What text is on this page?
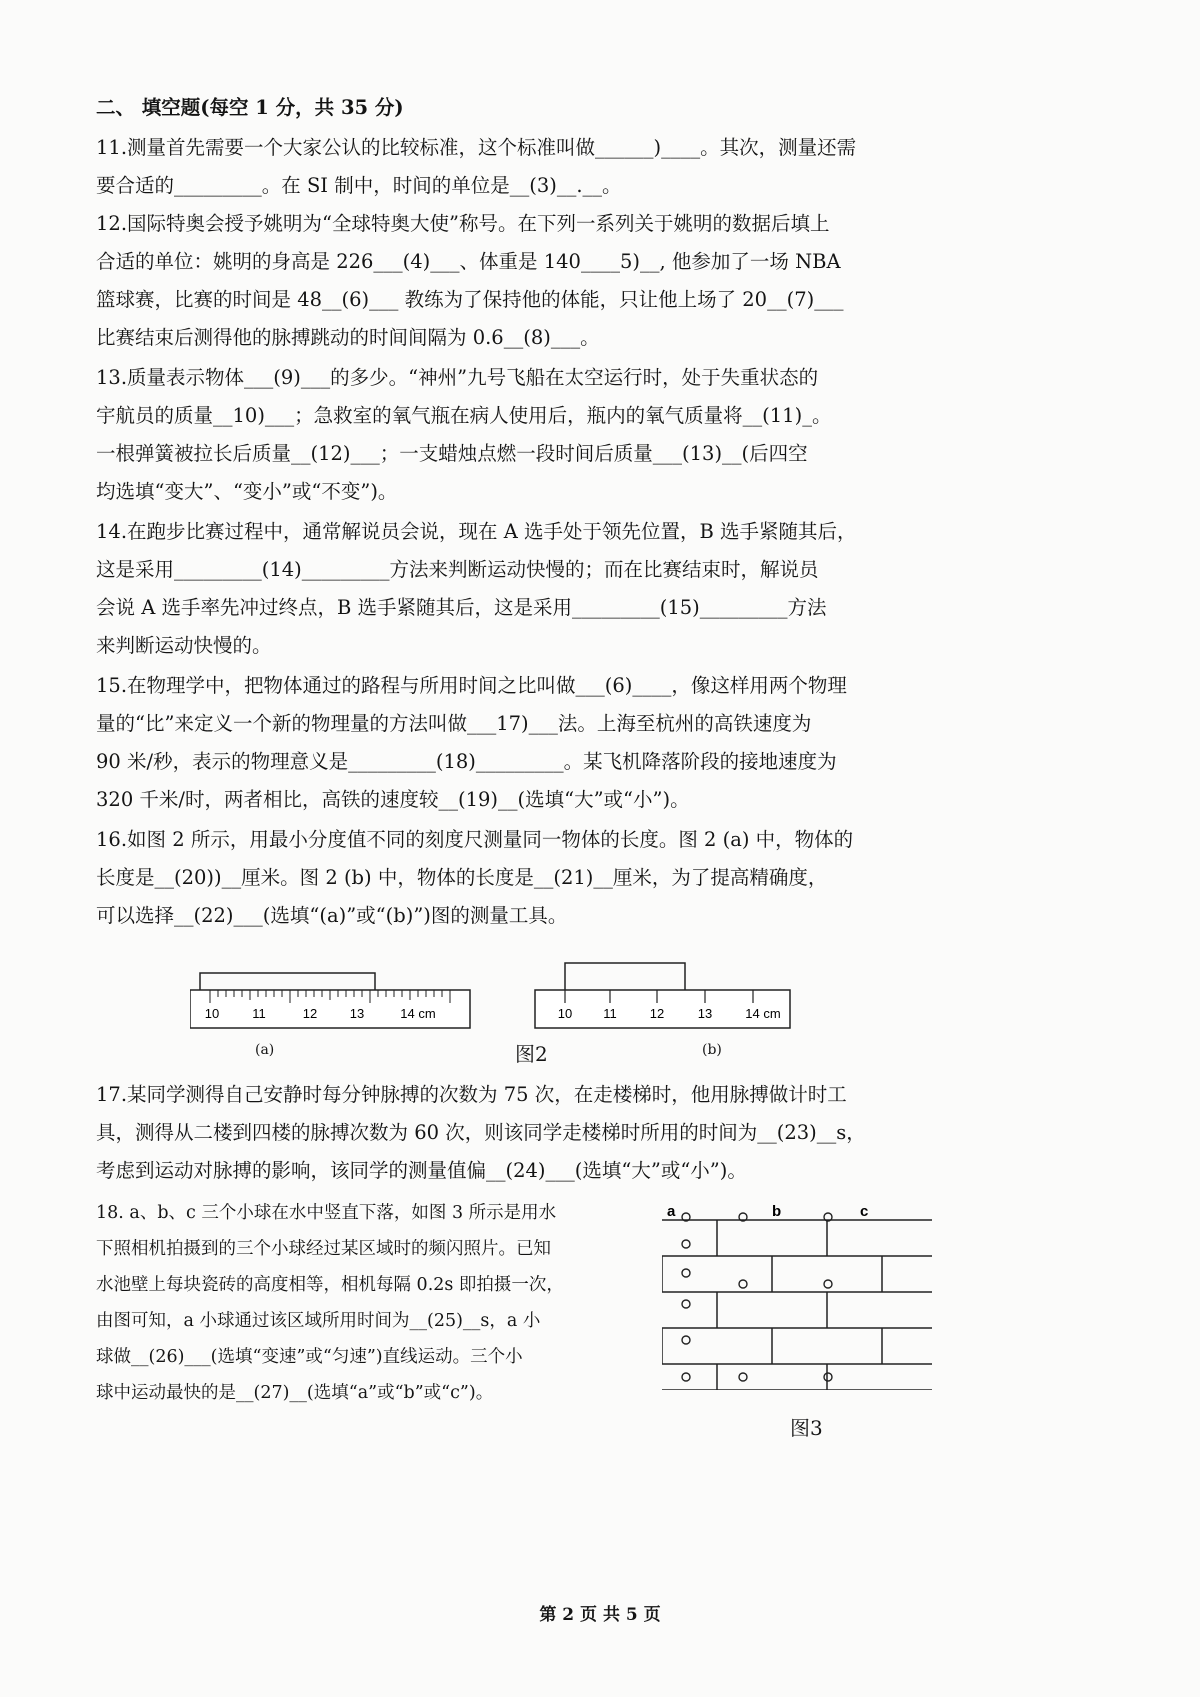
二、 填空题(每空 1 分，共 35 分)
11.测量首先需要一个大家公认的比较标准，这个标准叫做______)____。其次，测量还需
要合适的_________。在 SI 制中，时间的单位是__(3)__.__。
12.国际特奥会授予姚明为“全球特奥大使”称号。在下列一系列关于姚明的数据后填上
合适的单位：姚明的身高是 226___(4)___、体重是 140____5)__, 他参加了一场 NBA
篮球赛，比赛的时间是 48__(6)___ 教练为了保持他的体能，只让他上场了 20__(7)___
比赛结束后测得他的脉搏跳动的时间间隔为 0.6__(8)___。
13.质量表示物体___(9)___的多少。“神州”九号飞船在太空运行时，处于失重状态的
宇航员的质量__10)___；急救室的氧气瓶在病人使用后，瓶内的氧气质量将__(11)_。
一根弹簧被拉长后质量__(12)___；一支蜡烛点燃一段时间后质量___(13)__(后四空
均选填“变大”、“变小”或“不变”)。
14.在跑步比赛过程中，通常解说员会说，现在 A 选手处于领先位置，B 选手紧随其后，
这是采用_________(14)_________方法来判断运动快慢的；而在比赛结束时，解说员
会说 A 选手率先冲过终点，B 选手紧随其后，这是采用_________(15)_________方法
来判断运动快慢的。
15.在物理学中，把物体通过的路程与所用时间之比叫做___(6)____，像这样用两个物理
量的“比”来定义一个新的物理量的方法叫做___17)___法。上海至杭州的高铁速度为
90 米/秒，表示的物理意义是_________(18)_________。某飞机降落阶段的接地速度为
320 千米/时，两者相比，高铁的速度较__(19)__(选填“大”或“小”)。
16.如图 2 所示，用最小分度值不同的刻度尺测量同一物体的长度。图 2 (a) 中，物体的
长度是__(20))__厘米。图 2 (b) 中，物体的长度是__(21)__厘米，为了提高精确度，
可以选择__(22)___(选填“(a)”或“(b)”)图的测量工具。
10	11	12	13	14 cm	10 11	12	13	14 cm
(a)	图2	(b)
17.某同学测得自己安静时每分钟脉搏的次数为 75 次，在走楼梯时，他用脉搏做计时工
具，测得从二楼到四楼的脉搏次数为 60 次，则该同学走楼梯时所用的时间为__(23)__s，
考虑到运动对脉搏的影响，该同学的测量值偏__(24)___(选填“大”或“小”)。
18. a、b、c 三个小球在水中竖直下落，如图 3 所示是用水
下照相机拍摄到的三个小球经过某区域时的频闪照片。已知
水池壁上每块瓷砖的高度相等，相机每隔 0.2s 即拍摄一次，
由图可知，a 小球通过该区域所用时间为__(25)__s，a 小
球做__(26)___(选填“变速”或“匀速”)直线运动。三个小
球中运动最快的是__(27)__(选填“a”或“b”或“c”)。
a	b	c
图3
第 2 页 共 5 页
